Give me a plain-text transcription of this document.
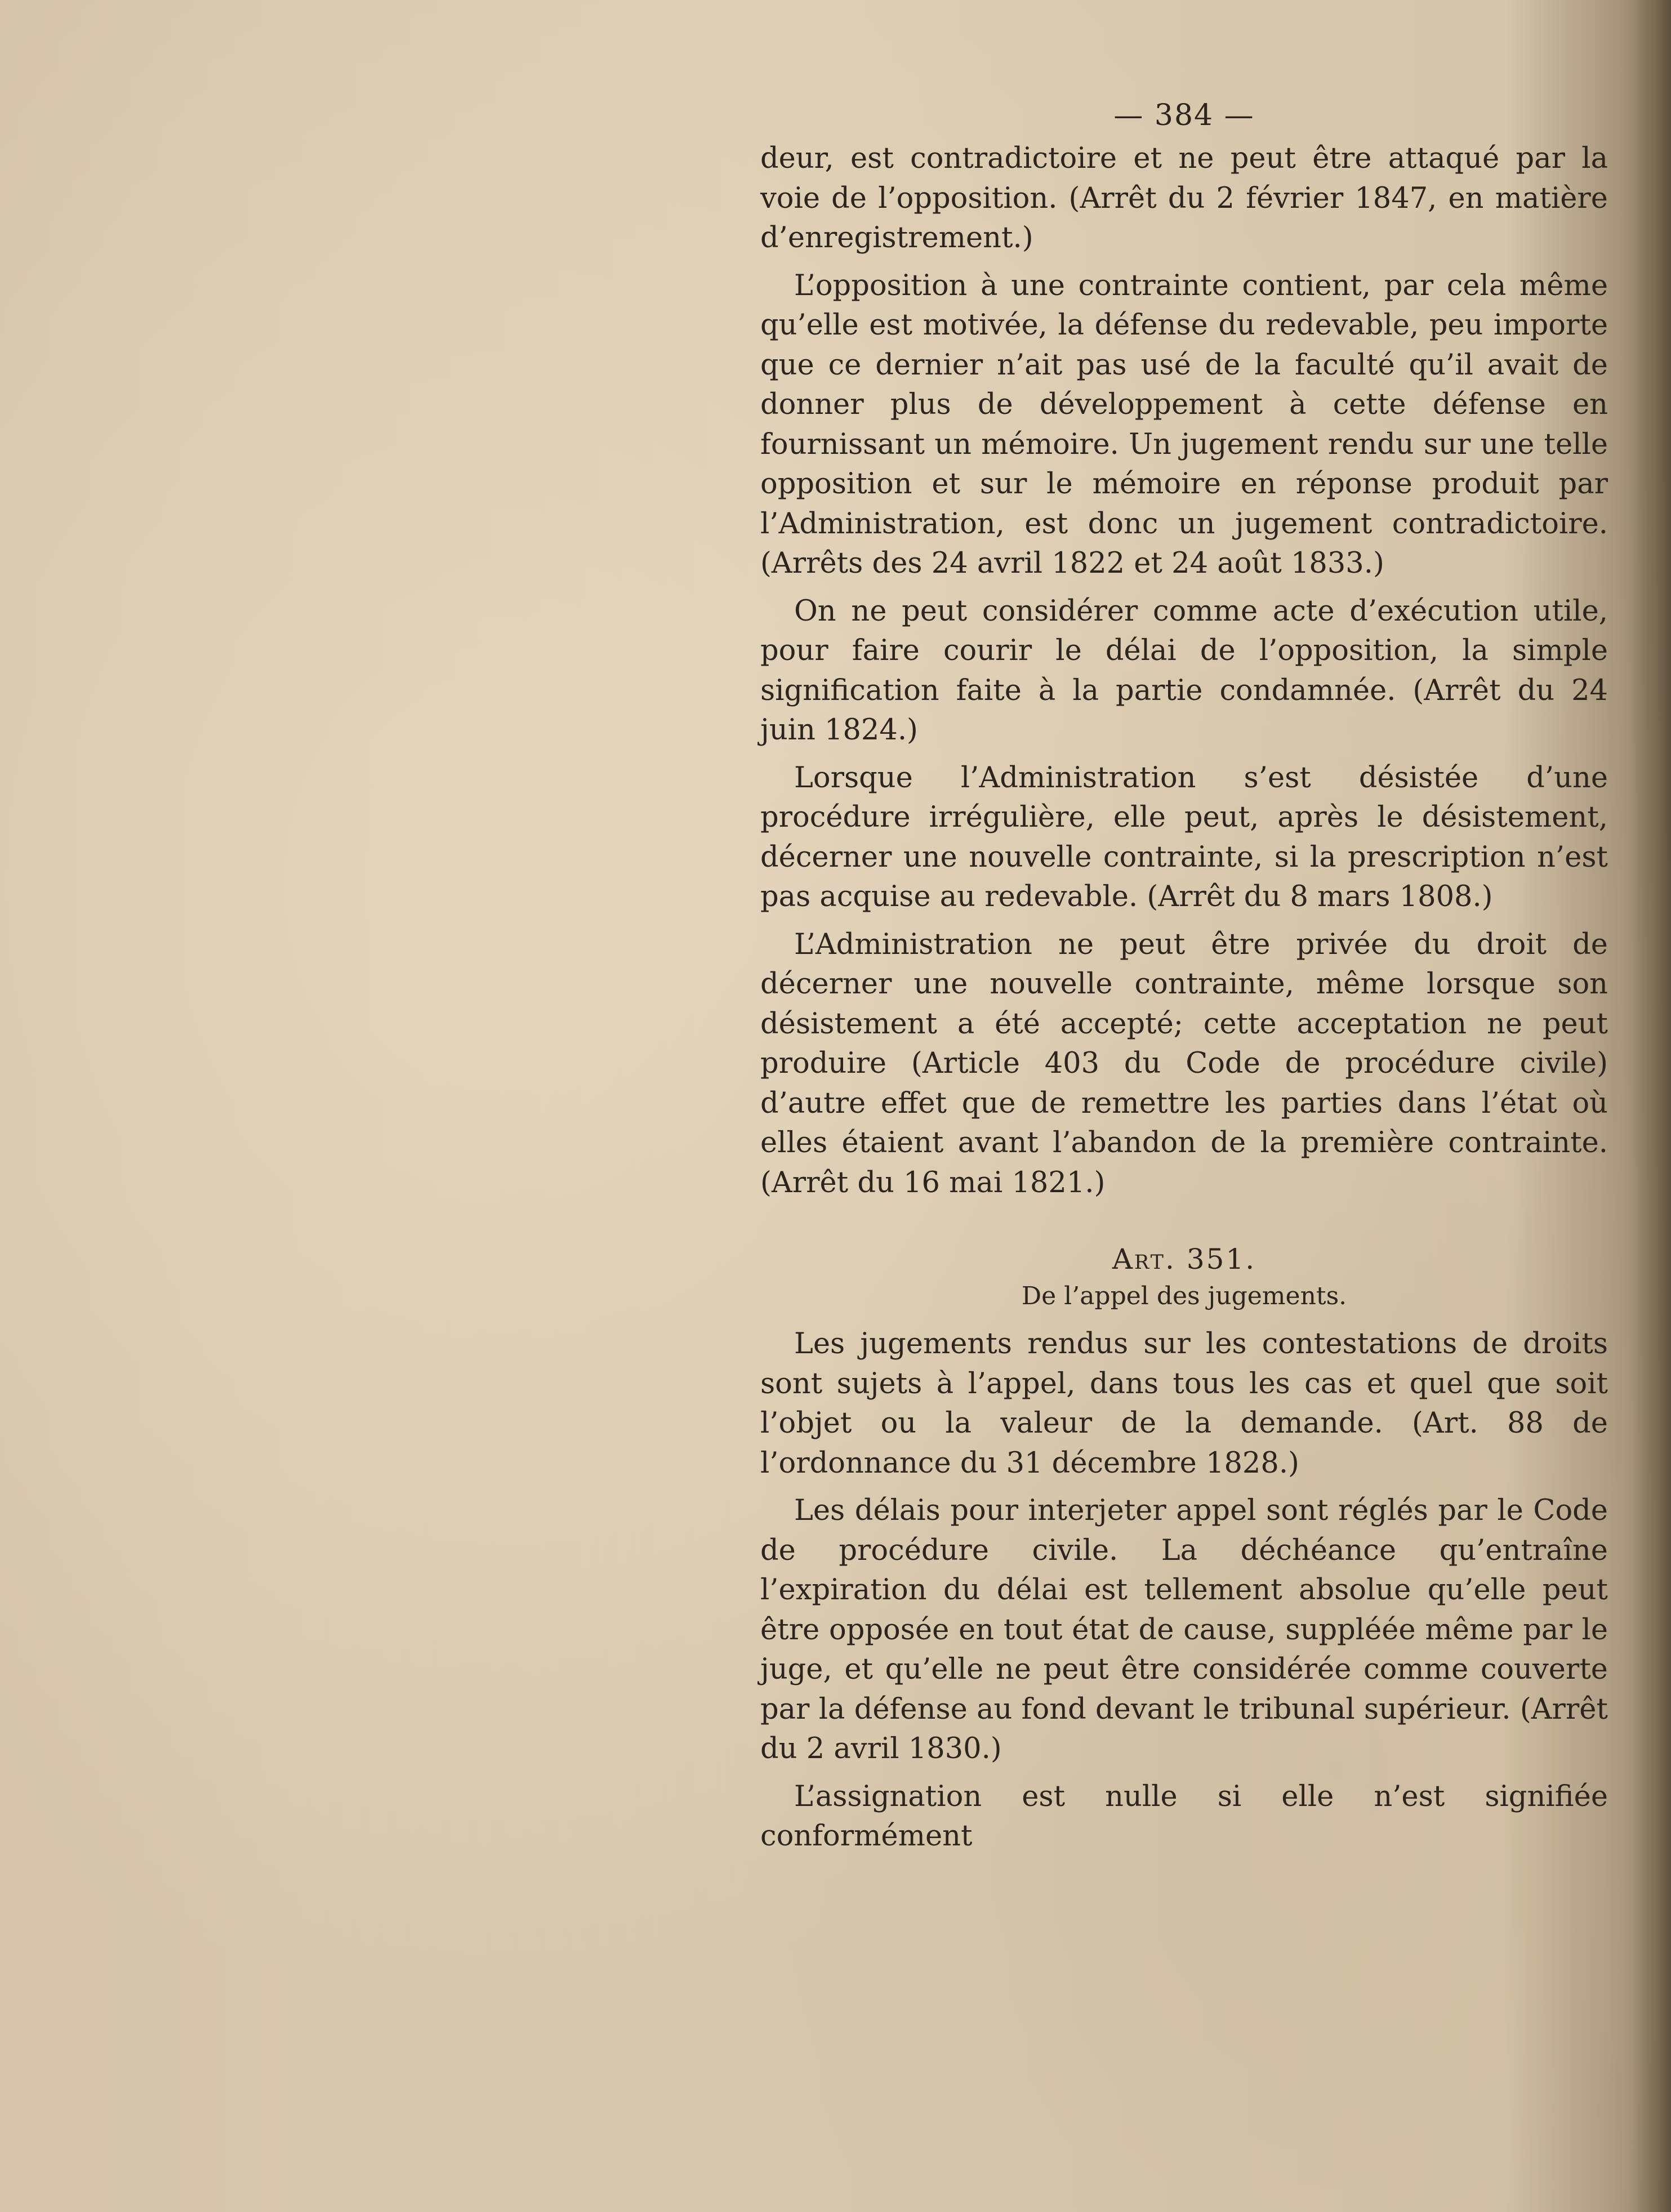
— 384 —

deur, est contradictoire et ne peut être attaqué par la voie de l’opposition. (Arrêt du 2 février 1847, en matière d’enregistrement.)

L’opposition à une contrainte contient, par cela même qu’elle est motivée, la défense du redevable, peu importe que ce dernier n’ait pas usé de la faculté qu’il avait de donner plus de développement à cette défense en fournissant un mémoire. Un jugement rendu sur une telle opposition et sur le mémoire en réponse produit par l’Administration, est donc un jugement contradictoire. (Arrêts des 24 avril 1822 et 24 août 1833.)

On ne peut considérer comme acte d’exécution utile, pour faire courir le délai de l’opposition, la simple signification faite à la partie condamnée. (Arrêt du 24 juin 1824.)

Lorsque l’Administration s’est désistée d’une procédure irrégulière, elle peut, après le désistement, décerner une nouvelle contrainte, si la prescription n’est pas acquise au redevable. (Arrêt du 8 mars 1808.)

L’Administration ne peut être privée du droit de décerner une nouvelle contrainte, même lorsque son désistement a été accepté; cette acceptation ne peut produire (Article 403 du Code de procédure civile) d’autre effet que de remettre les parties dans l’état où elles étaient avant l’abandon de la première contrainte. (Arrêt du 16 mai 1821.)

Art. 351.
De l’appel des jugements.

Les jugements rendus sur les contestations de droits sont sujets à l’appel, dans tous les cas et quel que soit l’objet ou la valeur de la demande. (Art. 88 de l’ordonnance du 31 décembre 1828.)

Les délais pour interjeter appel sont réglés par le Code de procédure civile. La déchéance qu’entraîne l’expiration du délai est tellement absolue qu’elle peut être opposée en tout état de cause, suppléée même par le juge, et qu’elle ne peut être considérée comme couverte par la défense au fond devant le tribunal supérieur. (Arrêt du 2 avril 1830.)

L’assignation est nulle si elle n’est signifiée conformément
